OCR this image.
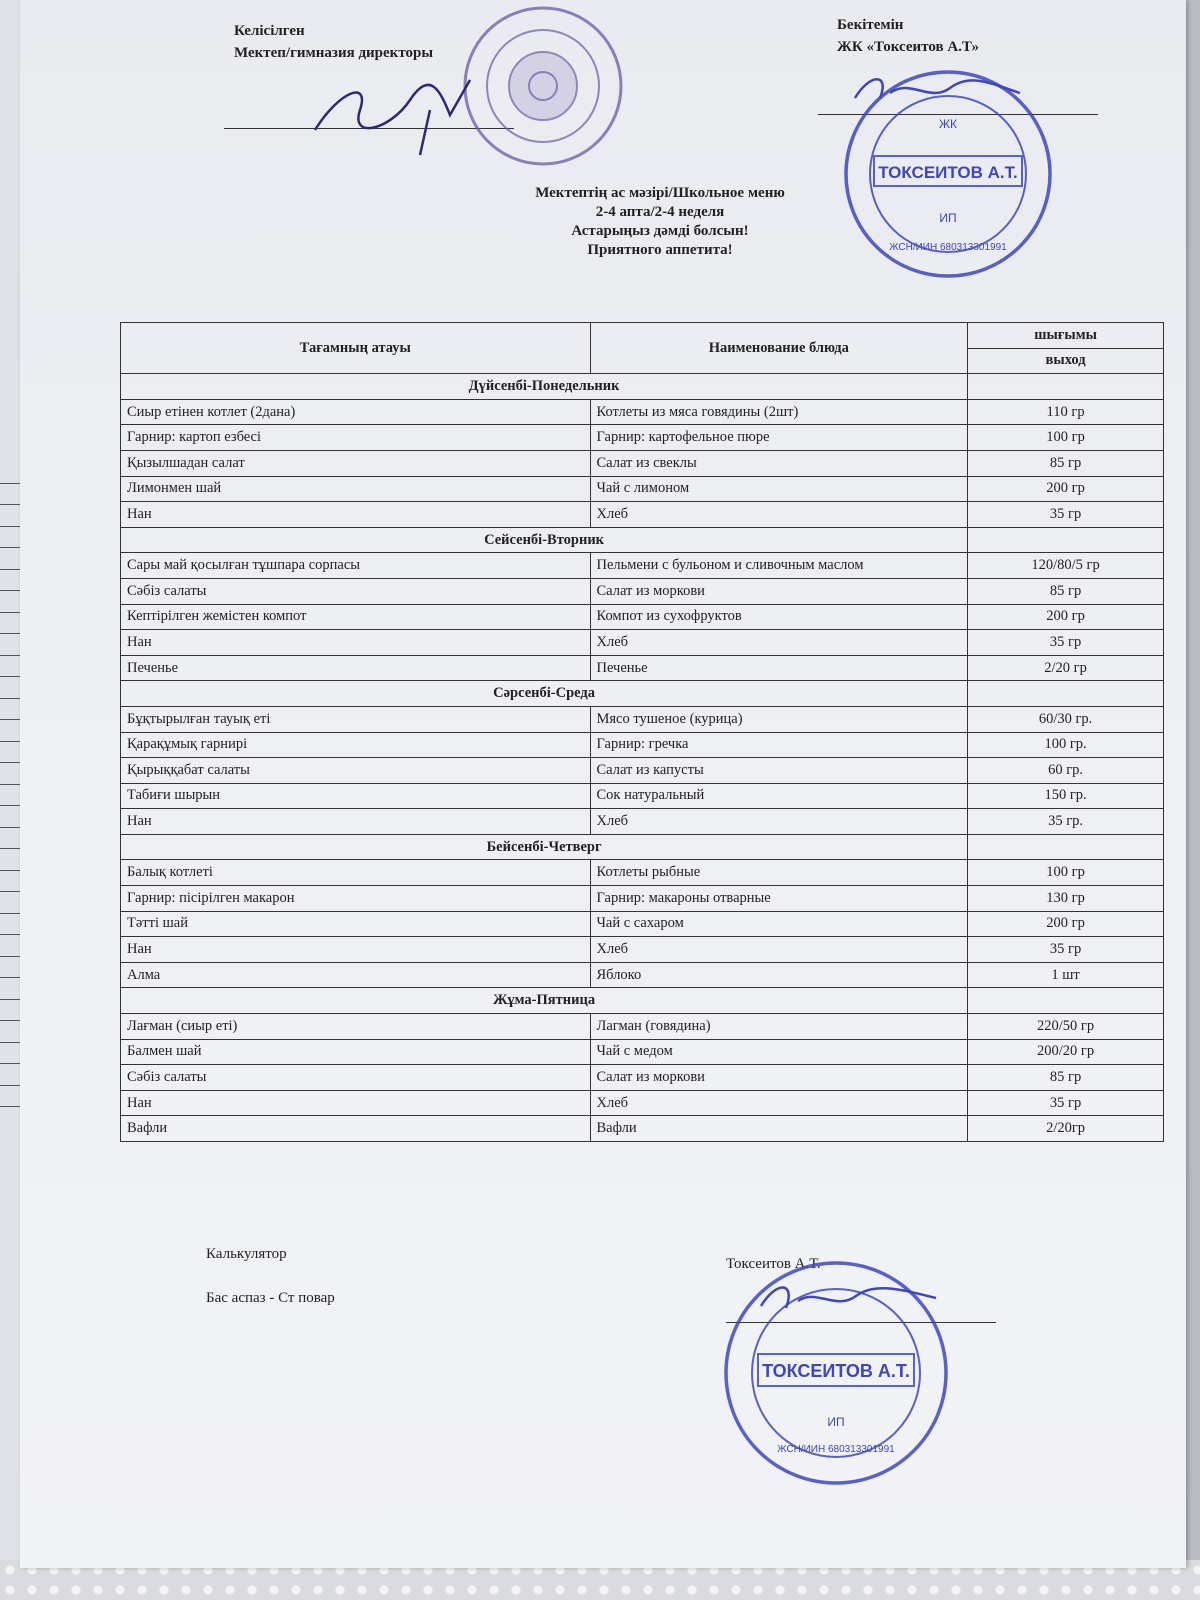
Келісілген
Мектеп/гимназия директоры
Бекітемін
ЖК «Токсеитов А.Т»
ТОКСЕИТОВ А.Т.
ЖК
ИП
ЖСН/ИИН 680313301991
Мектептің ас мәзірі/Школьное меню
2-4 апта/2-4 неделя
Астарыңыз дәмді болсын!
Приятного аппетита!
Тағамның атауы	Наименование блюда	шығымы
		выход
Дүйсенбі-Понедельник		
Сиыр етінен котлет (2дана)	Котлеты из мяса говядины (2шт)	110 гр
Гарнир: картоп езбесі	Гарнир: картофельное пюре	100 гр
Қызылшадан салат	Салат из свеклы	85 гр
Лимонмен шай	Чай с лимоном	200 гр
Нан	Хлеб	35 гр
Сейсенбі-Вторник		
Сары май қосылған тұшпара сорпасы	Пельмени с бульоном и сливочным маслом	120/80/5 гр
Сәбіз салаты	Салат из моркови	85 гр
Кептірілген жемістен компот	Компот из сухофруктов	200 гр
Нан	Хлеб	35 гр
Печенье	Печенье	2/20 гр
Сәрсенбі-Среда		
Бұқтырылған тауық еті	Мясо тушеное (курица)	60/30 гр.
Қарақұмық гарнирі	Гарнир: гречка	100 гр.
Қырыққабат салаты	Салат из капусты	60 гр.
Табиғи шырын	Сок натуральный	150 гр.
Нан	Хлеб	35 гр.
Бейсенбі-Четверг		
Балық котлеті	Котлеты рыбные	100 гр
Гарнир: пісірілген макарон	Гарнир: макароны отварные	130 гр
Тәтті шай	Чай с сахаром	200 гр
Нан	Хлеб	35 гр
Алма	Яблоко	1 шт
Жұма-Пятница		
Лағман (сиыр еті)	Лагман (говядина)	220/50 гр
Балмен шай	Чай с медом	200/20 гр
Сәбіз салаты	Салат из моркови	85 гр
Нан	Хлеб	35 гр
Вафли	Вафли	2/20гр
Калькулятор
Бас аспаз - Ст повар
Токсеитов А.Т.
ТОКСЕИТОВ А.Т.
ИП
ЖСН/ИИН 680313301991
